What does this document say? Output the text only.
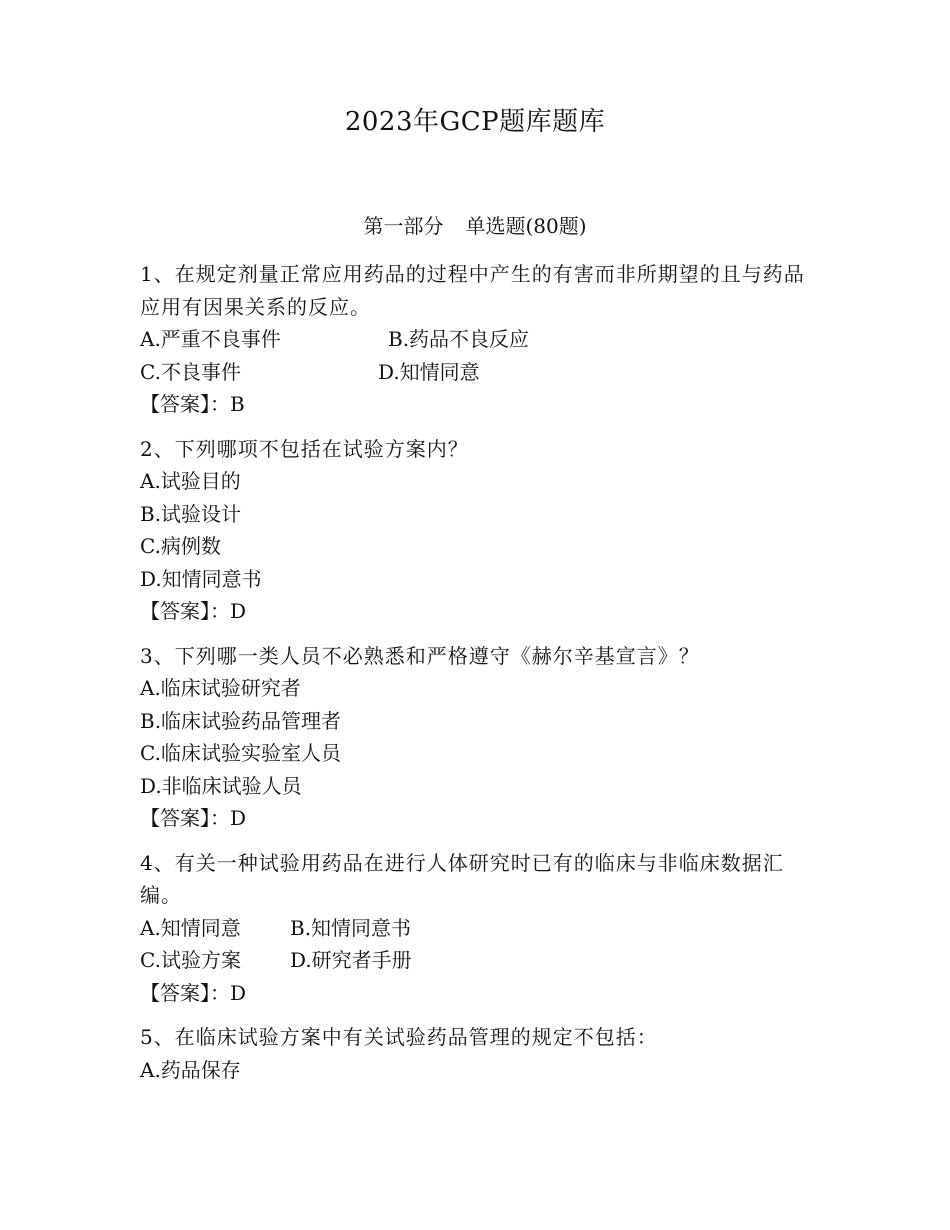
2023年GCP题库题库
第一部分 单选题(80题)
1、在规定剂量正常应用药品的过程中产生的有害而非所期望的且与药品应用有因果关系的反应。
A.严重不良事件	B.药品不良反应
C.不良事件	D.知情同意
【答案】：B
2、下列哪项不包括在试验方案内？
A.试验目的
B.试验设计
C.病例数
D.知情同意书
【答案】：D
3、下列哪一类人员不必熟悉和严格遵守《赫尔辛基宣言》？
A.临床试验研究者
B.临床试验药品管理者
C.临床试验实验室人员
D.非临床试验人员
【答案】：D
4、有关一种试验用药品在进行人体研究时已有的临床与非临床数据汇编。
A.知情同意	B.知情同意书
C.试验方案	D.研究者手册
【答案】：D
5、在临床试验方案中有关试验药品管理的规定不包括：
A.药品保存
